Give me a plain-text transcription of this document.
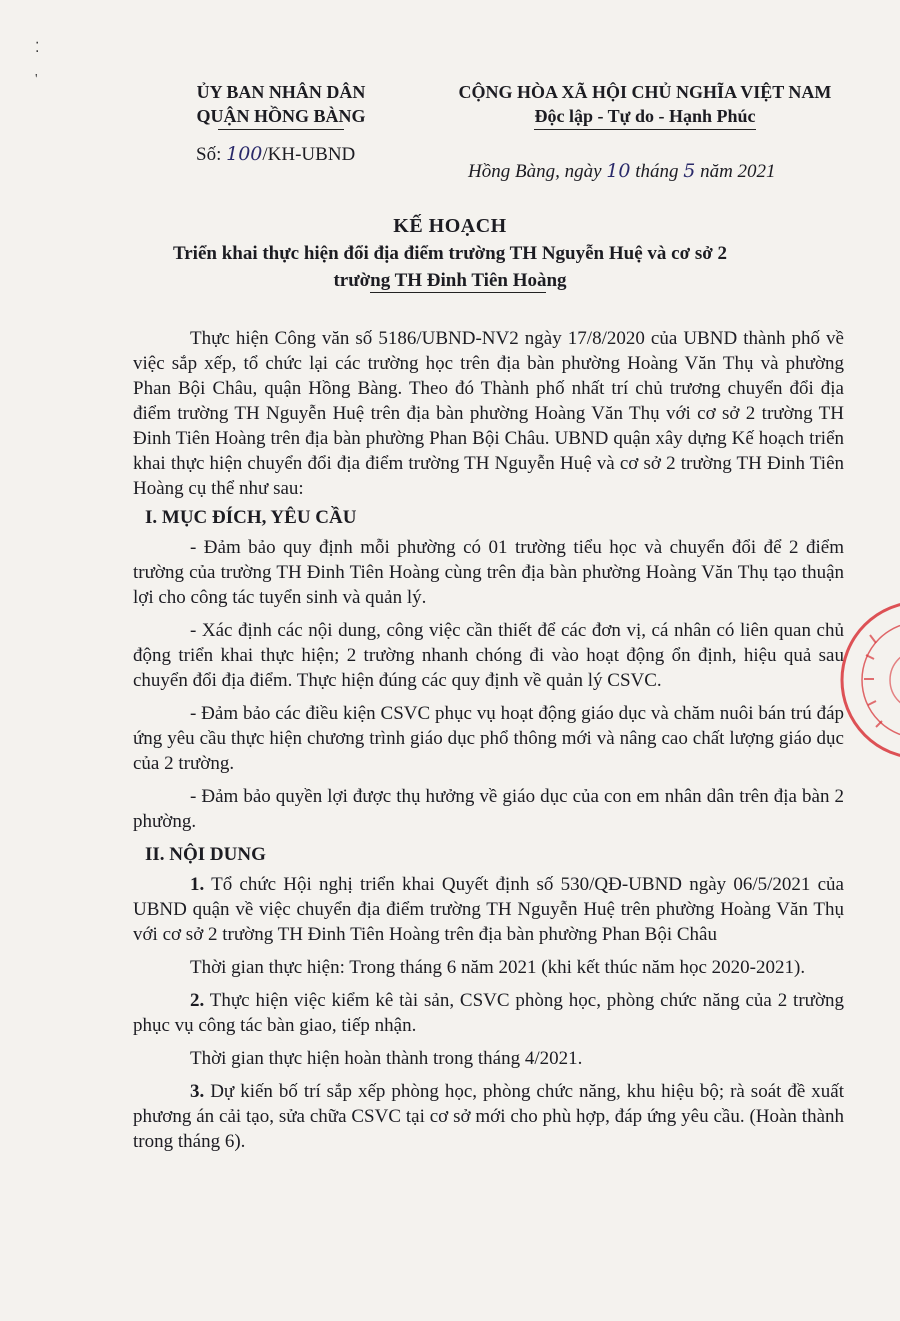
⁚
'
ỦY BAN NHÂN DÂN
QUẬN HỒNG BÀNG
Số: 100/KH-UBND
CỘNG HÒA XÃ HỘI CHỦ NGHĨA VIỆT NAM
Độc lập - Tự do - Hạnh Phúc
Hồng Bàng, ngày 10 tháng 5 năm 2021
KẾ HOẠCH
Triển khai thực hiện đổi địa điểm trường TH Nguyễn Huệ và cơ sở 2
trường TH Đinh Tiên Hoàng

Thực hiện Công văn số 5186/UBND-NV2 ngày 17/8/2020 của UBND thành phố về việc sắp xếp, tổ chức lại các trường học trên địa bàn phường Hoàng Văn Thụ và phường Phan Bội Châu, quận Hồng Bàng. Theo đó Thành phố nhất trí chủ trương chuyển đổi địa điểm trường TH Nguyễn Huệ trên địa bàn phường Hoàng Văn Thụ với cơ sở 2 trường TH Đinh Tiên Hoàng trên địa bàn phường Phan Bội Châu. UBND quận xây dựng Kế hoạch triển khai thực hiện chuyển đổi địa điểm trường TH Nguyễn Huệ và cơ sở 2 trường TH Đinh Tiên Hoàng cụ thể như sau:

I. MỤC ĐÍCH, YÊU CẦU

- Đảm bảo quy định mỗi phường có 01 trường tiểu học và chuyển đổi để 2 điểm trường của trường TH Đinh Tiên Hoàng cùng trên địa bàn phường Hoàng Văn Thụ tạo thuận lợi cho công tác tuyển sinh và quản lý.

- Xác định các nội dung, công việc cần thiết để các đơn vị, cá nhân có liên quan chủ động triển khai thực hiện; 2 trường nhanh chóng đi vào hoạt động ổn định, hiệu quả sau chuyển đổi địa điểm. Thực hiện đúng các quy định về quản lý CSVC.

- Đảm bảo các điều kiện CSVC phục vụ hoạt động giáo dục và chăm nuôi bán trú đáp ứng yêu cầu thực hiện chương trình giáo dục phổ thông mới và nâng cao chất lượng giáo dục của 2 trường.

- Đảm bảo quyền lợi được thụ hưởng về giáo dục của con em nhân dân trên địa bàn 2 phường.

II. NỘI DUNG

1. Tổ chức Hội nghị triển khai Quyết định số 530/QĐ-UBND ngày 06/5/2021 của UBND quận về việc chuyển địa điểm trường TH Nguyễn Huệ trên phường Hoàng Văn Thụ với cơ sở 2 trường TH Đinh Tiên Hoàng trên địa bàn phường Phan Bội Châu

Thời gian thực hiện: Trong tháng 6 năm 2021 (khi kết thúc năm học 2020-2021).

2. Thực hiện việc kiểm kê tài sản, CSVC phòng học, phòng chức năng của 2 trường phục vụ công tác bàn giao, tiếp nhận.

Thời gian thực hiện hoàn thành trong tháng 4/2021.

3. Dự kiến bố trí sắp xếp phòng học, phòng chức năng, khu hiệu bộ; rà soát đề xuất phương án cải tạo, sửa chữa CSVC tại cơ sở mới cho phù hợp, đáp ứng yêu cầu. (Hoàn thành trong tháng 6).
